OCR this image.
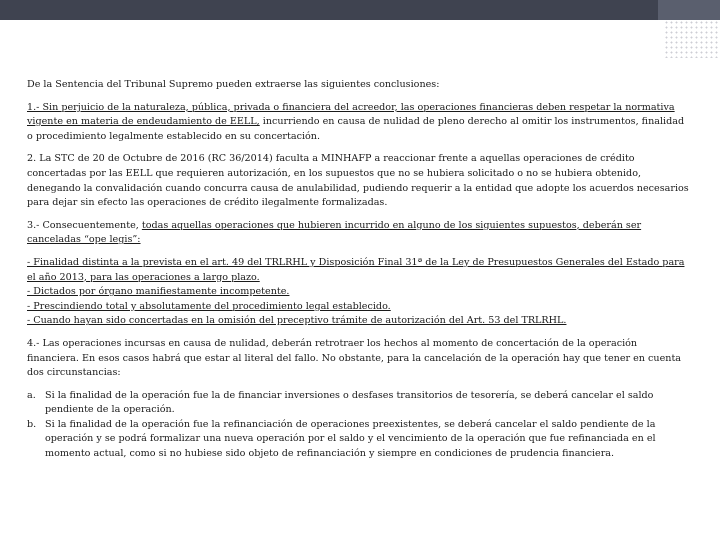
De la Sentencia del Tribunal Supremo pueden extraerse las siguientes conclusiones:

1.- Sin perjuicio de la naturaleza, pública, privada o financiera del acreedor, las operaciones financieras deben respetar la normativa vigente en materia de endeudamiento de EELL, incurriendo en causa de nulidad de pleno derecho al omitir los instrumentos, finalidad o procedimiento legalmente establecido en su concertación.

2. La STC de 20 de Octubre de 2016 (RC 36/2014) faculta a MINHAFP a reaccionar frente a aquellas operaciones de crédito concertadas por las EELL que requieren autorización, en los supuestos que no se hubiera solicitado o no se hubiera obtenido, denegando la convalidación cuando concurra causa de anulabilidad, pudiendo requerir a la entidad que adopte los acuerdos necesarios para dejar sin efecto las operaciones de crédito ilegalmente formalizadas.

3.- Consecuentemente, todas aquellas operaciones que hubieren incurrido en alguno de los siguientes supuestos, deberán ser canceladas “ope legis”:

- Finalidad distinta a la prevista en el art. 49 del TRLRHL y Disposición Final 31ª de la Ley de Presupuestos Generales del Estado para el año 2013, para las operaciones a largo plazo.
- Dictados por órgano manifiestamente incompetente.
- Prescindiendo total y absolutamente del procedimiento legal establecido.
- Cuando hayan sido concertadas en la omisión del preceptivo trámite de autorización del Art. 53 del TRLRHL.

4.- Las operaciones incursas en causa de nulidad, deberán retrotraer los hechos al momento de concertación de la operación financiera. En esos casos habrá que estar al literal del fallo. No obstante, para la cancelación de la operación hay que tener en cuenta dos circunstancias:

a. Si la finalidad de la operación fue la de financiar inversiones o desfases transitorios de tesorería, se deberá cancelar el saldo pendiente de la operación.
b. Si la finalidad de la operación fue la refinanciación de operaciones preexistentes, se deberá cancelar el saldo pendiente de la operación y se podrá formalizar una nueva operación por el saldo y el vencimiento de la operación que fue refinanciada en el momento actual, como si no hubiese sido objeto de refinanciación y siempre en condiciones de prudencia financiera.
